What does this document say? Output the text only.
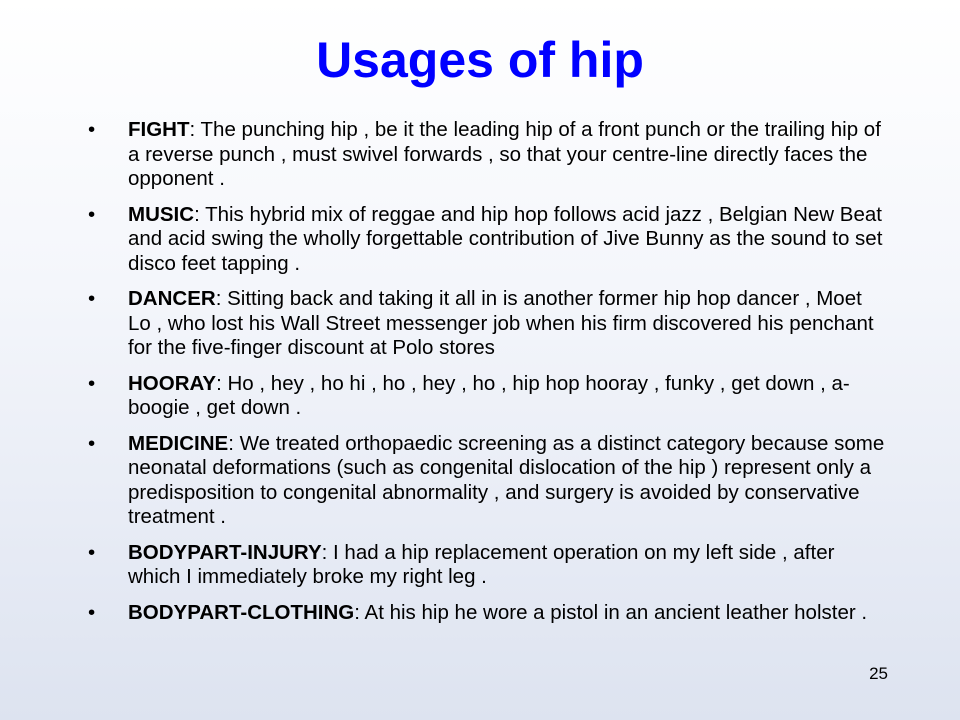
Usages of hip
• FIGHT: The punching hip , be it the leading hip of a front punch or the trailing hip of a reverse punch , must swivel forwards , so that your centre-line directly faces the opponent .
• MUSIC: This hybrid mix of reggae and hip hop follows acid jazz , Belgian New Beat and acid swing the wholly forgettable contribution of Jive Bunny as the sound to set disco feet tapping .
• DANCER: Sitting back and taking it all in is another former hip hop dancer , Moet Lo , who lost his Wall Street messenger job when his firm discovered his penchant for the five-finger discount at Polo stores
• HOORAY: Ho , hey , ho hi , ho , hey , ho , hip hop hooray , funky , get down , a-boogie , get down .
• MEDICINE: We treated orthopaedic screening as a distinct category because some neonatal deformations (such as congenital dislocation of the hip ) represent only a predisposition to congenital abnormality , and surgery is avoided by conservative treatment .
• BODYPART-INJURY: I had a hip replacement operation on my left side , after which I immediately broke my right leg .
• BODYPART-CLOTHING: At his hip he wore a pistol in an ancient leather holster .
25
